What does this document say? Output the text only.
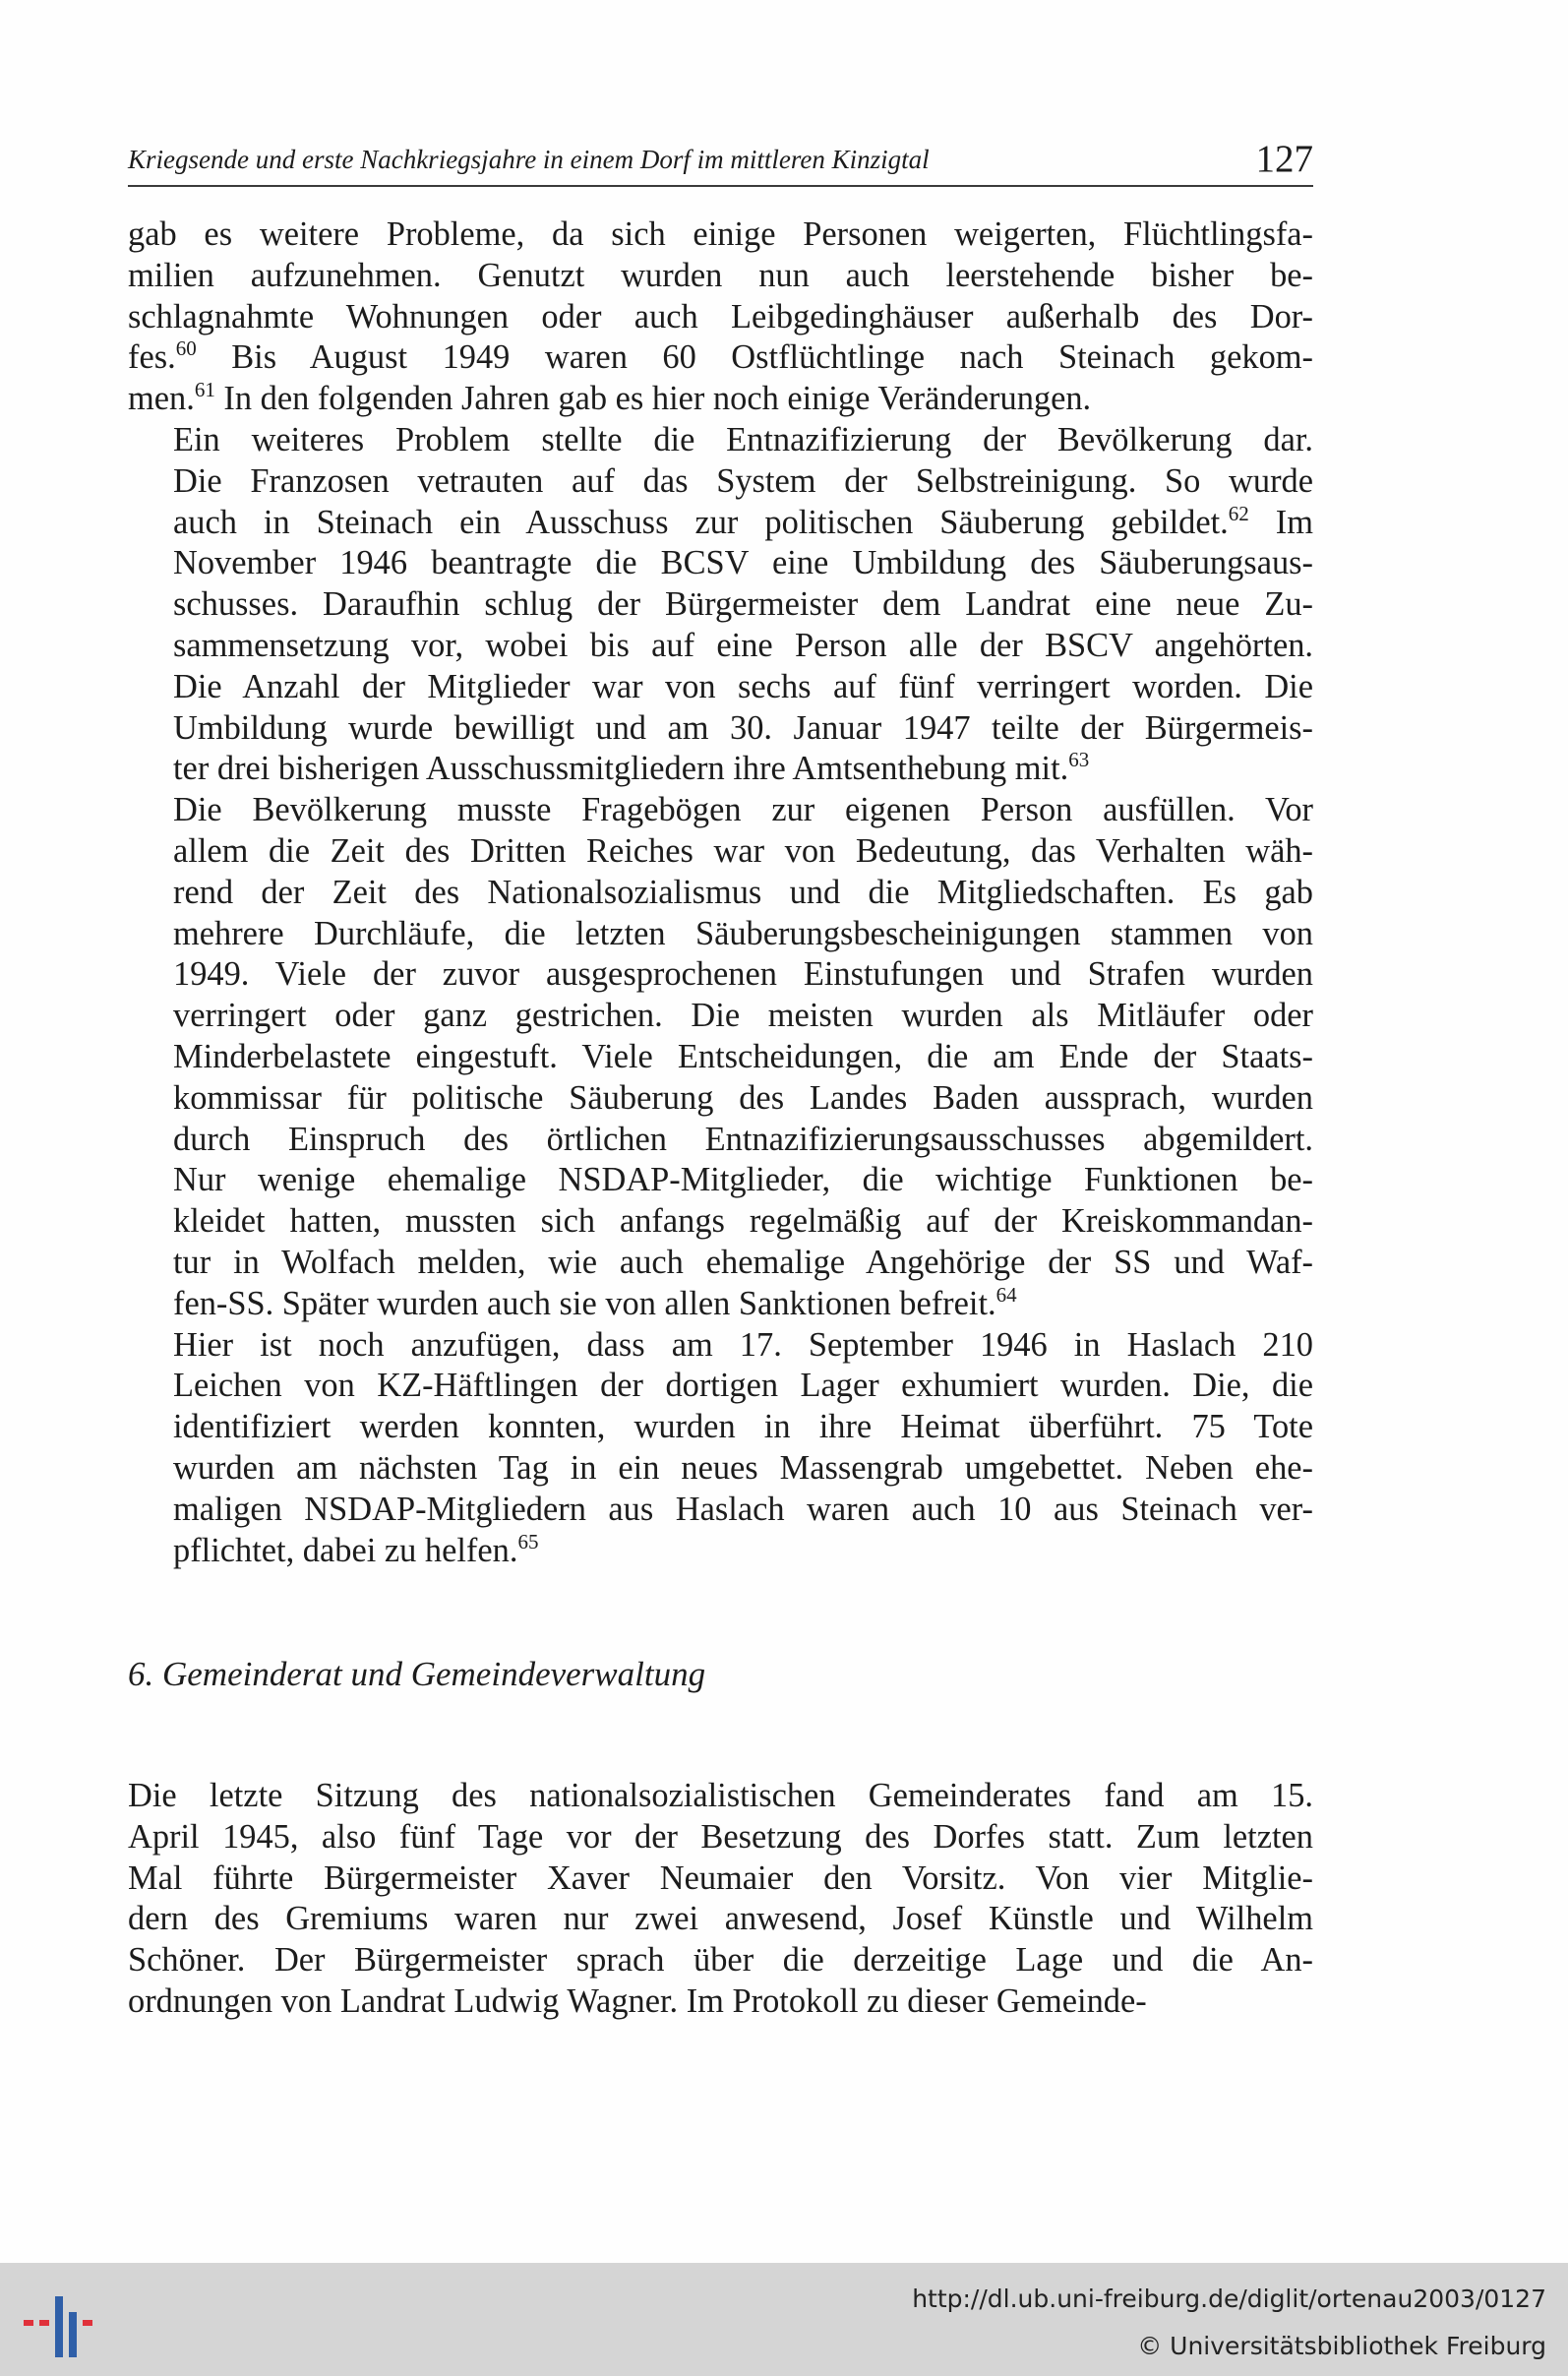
Kriegsende und erste Nachkriegsjahre in einem Dorf im mittleren Kinzigtal	127
gab es weitere Probleme, da sich einige Personen weigerten, Flüchtlingsfa-
milien aufzunehmen. Genutzt wurden nun auch leerstehende bisher be-
schlagnahmte Wohnungen oder auch Leibgedinghäuser außerhalb des Dor-
fes.$^{60}$ Bis August 1949 waren 60 Ostflüchtlinge nach Steinach gekom-
men.$^{61}$ In den folgenden Jahren gab es hier noch einige Veränderungen.
Ein weiteres Problem stellte die Entnazifizierung der Bevölkerung dar.
Die Franzosen vetrauten auf das System der Selbstreinigung. So wurde
auch in Steinach ein Ausschuss zur politischen Säuberung gebildet.$^{62}$ Im
November 1946 beantragte die BCSV eine Umbildung des Säuberungsaus-
schusses. Daraufhin schlug der Bürgermeister dem Landrat eine neue Zu-
sammensetzung vor, wobei bis auf eine Person alle der BSCV angehörten.
Die Anzahl der Mitglieder war von sechs auf fünf verringert worden. Die
Umbildung wurde bewilligt und am 30. Januar 1947 teilte der Bürgermeis-
ter drei bisherigen Ausschussmitgliedern ihre Amtsenthebung mit.$^{63}$
Die Bevölkerung musste Fragebögen zur eigenen Person ausfüllen. Vor
allem die Zeit des Dritten Reiches war von Bedeutung, das Verhalten wäh-
rend der Zeit des Nationalsozialismus und die Mitgliedschaften. Es gab
mehrere Durchläufe, die letzten Säuberungsbescheinigungen stammen von
1949. Viele der zuvor ausgesprochenen Einstufungen und Strafen wurden
verringert oder ganz gestrichen. Die meisten wurden als Mitläufer oder
Minderbelastete eingestuft. Viele Entscheidungen, die am Ende der Staats-
kommissar für politische Säuberung des Landes Baden aussprach, wurden
durch Einspruch des örtlichen Entnazifizierungsausschusses abgemildert.
Nur wenige ehemalige NSDAP-Mitglieder, die wichtige Funktionen be-
kleidet hatten, mussten sich anfangs regelmäßig auf der Kreiskommandan-
tur in Wolfach melden, wie auch ehemalige Angehörige der SS und Waf-
fen-SS. Später wurden auch sie von allen Sanktionen befreit.$^{64}$
Hier ist noch anzufügen, dass am 17. September 1946 in Haslach 210
Leichen von KZ-Häftlingen der dortigen Lager exhumiert wurden. Die, die
identifiziert werden konnten, wurden in ihre Heimat überführt. 75 Tote
wurden am nächsten Tag in ein neues Massengrab umgebettet. Neben ehe-
maligen NSDAP-Mitgliedern aus Haslach waren auch 10 aus Steinach ver-
pflichtet, dabei zu helfen.$^{65}$
6. Gemeinderat und Gemeindeverwaltung
Die letzte Sitzung des nationalsozialistischen Gemeinderates fand am 15.
April 1945, also fünf Tage vor der Besetzung des Dorfes statt. Zum letzten
Mal führte Bürgermeister Xaver Neumaier den Vorsitz. Von vier Mitglie-
dern des Gremiums waren nur zwei anwesend, Josef Künstle und Wilhelm
Schöner. Der Bürgermeister sprach über die derzeitige Lage und die An-
ordnungen von Landrat Ludwig Wagner. Im Protokoll zu dieser Gemeinde-
http://dl.ub.uni-freiburg.de/diglit/ortenau2003/0127
© Universitätsbibliothek Freiburg
